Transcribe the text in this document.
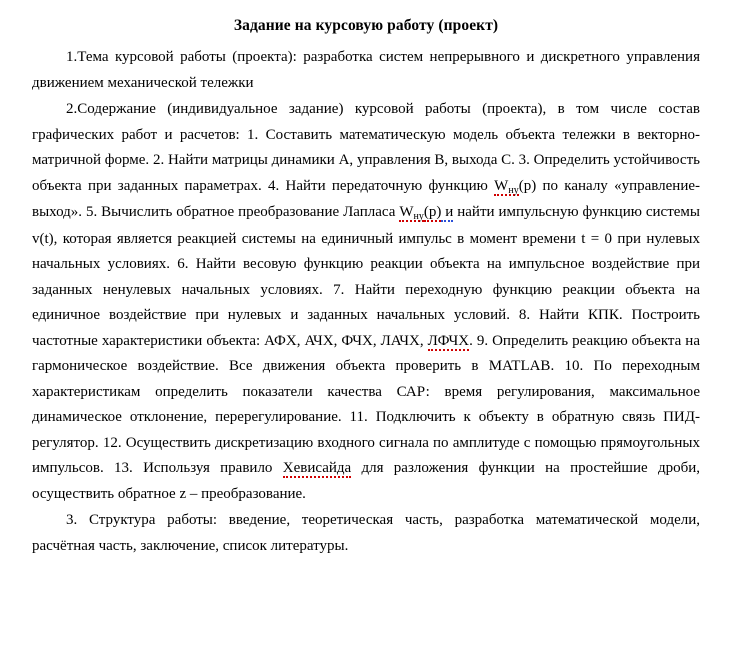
Задание на курсовую работу (проект)

1.Тема курсовой работы (проекта): разработка систем непрерывного и дискретного управления движением механической тележки

2.Содержание (индивидуальное задание) курсовой работы (проекта), в том числе состав графических работ и расчетов: 1. Составить математическую модель объекта тележки в векторно-матричной форме. 2. Найти матрицы динамики А, управления В, выхода С. 3. Определить устойчивость объекта при заданных параметрах. 4. Найти передаточную функцию $W_{ну}(р)$ по каналу «управление-выход». 5. Вычислить обратное преобразование Лапласа $W_{ну}(р)$ и найти импульсную функцию системы v(t), которая является реакцией системы на единичный импульс в момент времени t = 0 при нулевых начальных условиях. 6. Найти весовую функцию реакции объекта на импульсное воздействие при заданных ненулевых начальных условиях. 7. Найти переходную функцию реакции объекта на единичное воздействие при нулевых и заданных начальных условий. 8. Найти КПК. Построить частотные характеристики объекта: АФХ, АЧХ, ФЧХ, ЛАЧХ, ЛФЧХ. 9. Определить реакцию объекта на гармоническое воздействие. Все движения объекта проверить в MATLAB. 10. По переходным характеристикам определить показатели качества САР: время регулирования, максимальное динамическое отклонение, перерегулирование. 11. Подключить к объекту в обратную связь ПИД-регулятор. 12. Осуществить дискретизацию входного сигнала по амплитуде с помощью прямоугольных импульсов. 13. Используя правило Хевисайда для разложения функции на простейшие дроби, осуществить обратное z – преобразование.

3. Структура работы: введение, теоретическая часть, разработка математической модели, расчётная часть, заключение, список литературы.
